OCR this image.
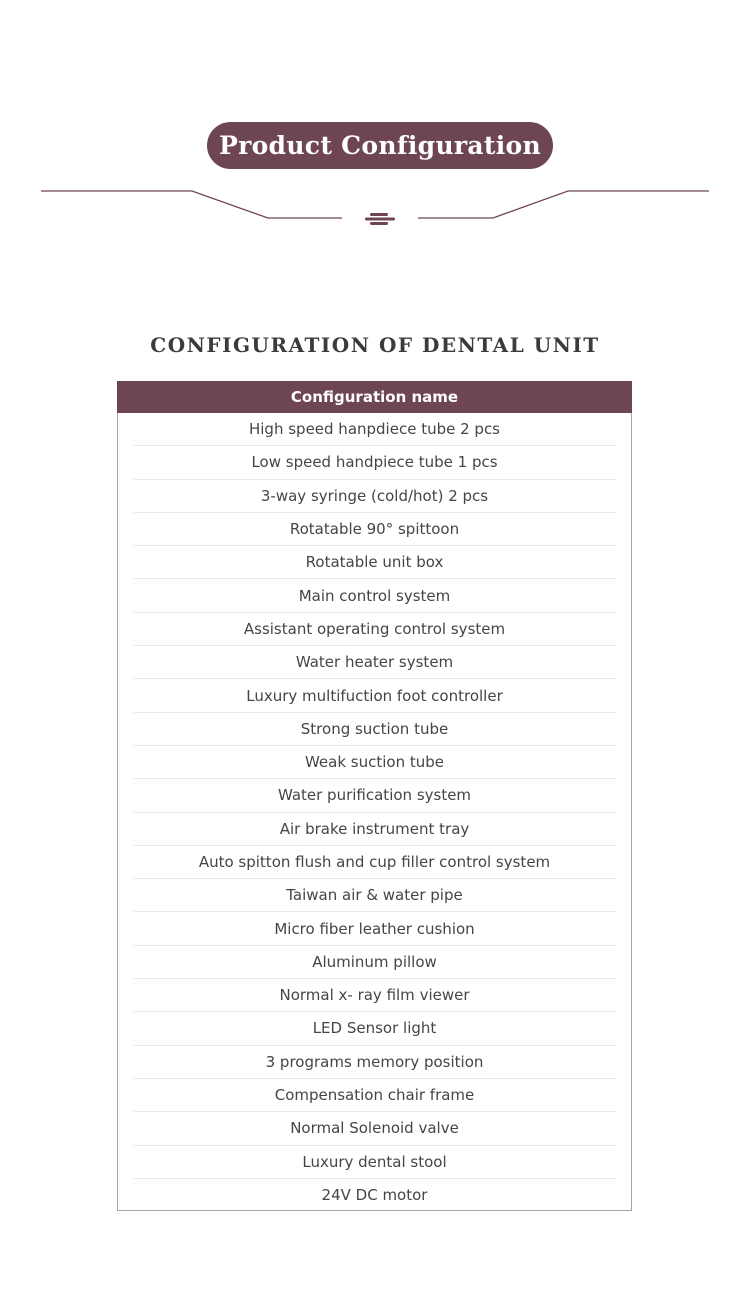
Product Configuration
CONFIGURATION OF DENTAL UNIT
Configuration name
High speed hanpdiece tube 2 pcs
Low speed handpiece tube 1 pcs
3-way syringe (cold/hot) 2 pcs
Rotatable 90° spittoon
Rotatable unit box
Main control system
Assistant operating control system
Water heater system
Luxury multifuction foot controller
Strong suction tube
Weak suction tube
Water purification system
Air brake instrument tray
Auto spitton flush and cup filler control system
Taiwan air & water pipe
Micro fiber leather cushion
Aluminum pillow
Normal x- ray film viewer
LED Sensor light
3 programs memory position
Compensation chair frame
Normal Solenoid valve
Luxury dental stool
24V DC motor
